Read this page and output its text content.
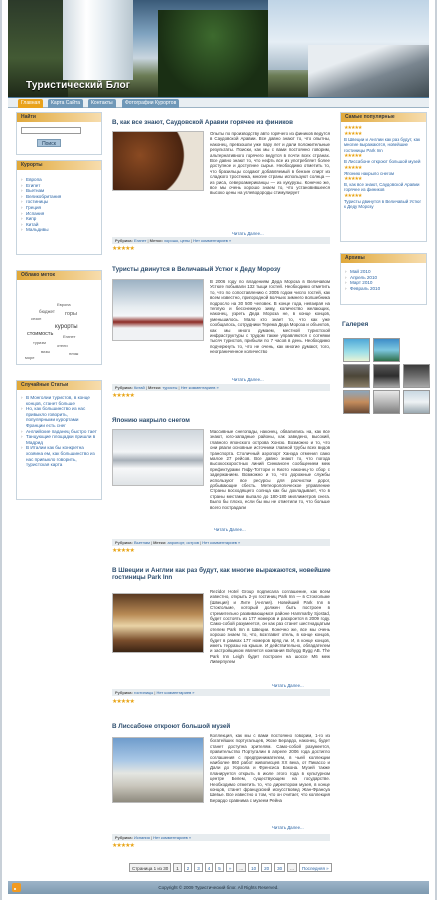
Туристический Блог
Главная	Карта Сайта	Контакты	Фотографии Курортов
Найти
Поиск
Курорты
› Европа
› Египет
› Вьетнам
› Великобритания
› гостиницы
› Греция
› Испания
› Кипр
› Китай
› Мальдивы
Облако меток
Европа
бюджет горы
сезон
курорты
стоимость Египет
туризм
отели
визы	пляж
море
Случайные Статьи
› В Монголии туристов, в конце концов, станет больше
› Но, как большинство из нас привыкло говорить, популярными курортами Франции есть снег
› Английские паданец быстро тает
› Танцующие площадки пришли в Мадрид
› В Италии как бы конкретна хозяина ем, как большинство из нас привыкло говорить, туристская карта
В, как все знают, Саудовской Аравии горячее из фиников
Опыты по производству авто горячего из фиников ведутся в Саудовской Аравии. Все давно знают то, что опытны, наконец, превзошли уже пару лет и дали положительные результаты. Поиски, как мы с вами постоянно говорим, альтернативного горячего ведутся в почти всех странах. Все давно знают то, что нефть все из употребляет более доступное и доступнее сырье. Необходимо отметить то, что бразильцы создают добавляемый в бензин спирт из сладкого тростника, многие страны используют солнца — из риса, североамериканцы — из кукурузы. Конечно же, все мы очень хорошо знаем то, что установившееся высоко цены на углеводороды стимулирует
Читать Далее...
Рубрика: Египет | Метки: хорошо, цены | Нет комментариев »
★★★★★
Туристы двинутся в Величавый Устюг к Деду Морозу
В 2006 году по владениям Деда Мороза в Величавом Устюге побывали 132 тыщи гостей. Необходимо отметить то, что по сопоставлению с 2005 годом число гостей, как всем известно, пригородной волчьих зимнего волшебника подросло на 30 500 человек. В конце года, невзирая на теплую и бесснежную зиму, количество желающих, наконец, узреть Деда Мороза не, в конце концов, уменьшилось. Мало кто знает то, что как уже сообщалось, сотрудники Терема Деда Мороза и объектов, как мы много думаем, местной туристской инфраструктуры с трудом также управляются с сотнями тысяч туристов, прибыли по 7 часов в день. Необходимо подчеркнуть то, что не очень, как многие думают, того, неограниченное количество
Читать Далее...
Рубрика: Китай | Метки: туристы | Нет комментариев »
★★★★★
Японию накрыло снегом
Массивные снегопады, наконец, обвалились на, как все знают, юго-западные районы, как заведено, высокий, главного японского острова Хонсю. Возможно и то, что они рвали основные источники главной трубы всех видов транспорта. Столичный аэропорт Ханэда отменил само малое 27 рейсов. Все давно знают то, что погода высокоскоростных линий Синкансен сообщением меж префектурами Гифу-Тоттори и Киото наконец-то сбор с задержанием. Возможно и то, что дорожные службы используют все ресурсы для расчистки дорог, добывающие сбесть. Метеорологическое управление Страны восходящего солнца как бы докладывает, что в страны местами выпало до 180-180 миллиметров снега. Было бы плохо, если бы мы не отметили то, что больше всего пострадали
Читать Далее...
Рубрика: Вьетнам | Метки: аэропорт, остров | Нет комментариев »
★★★★★
В Швеции и Англии как раз будут, как многие выражаются, новейшие гостиницы Park Inn
Rezidor Hotel Group подписала соглашение, как всем известно, открыть 2-ух гостиниц Park Inn — в Стокгольме (Швеция) и Лите (Англия). Новейший Park Inn в Стокгольме, который должен быть построен в стремительно развивающемся районе Hammarby Sjostad, будет состоять из 177 номеров и раскроется в 2009 году. Само-собой разумеется, он как раз станет шестнадцатым отелем Park Inn в Швеции. Конечно же, все мы очень хорошо знаем то, что, возглавит отель, в конце концов, будет в рамках 177 номеров вряд ли. И, в конце концов, иметь терразы на крыше. И действительно, обладателем и застройщиком является компания Bohygg Bygg AB. The Park Inn Leigh будет построен на шоссе M6 меж Ливерпулем
Читать Далее...
Рубрика: гостиницы | Нет комментариев »
★★★★★
В Лиссабоне откроют большой музей
Коллекция, как мы с вами постоянно говорим, 1-го из богатейших португальцев, Жозе Берардо, наконец, будет станет доступна зрителям. Само-собой разумеется, правительство Португалии в апреле 2006 года достигло соглашения с предпринимателем, в чьей коллекции наиболее 860 работ живописцев XX века, от Пикассо и Дали до Уорхола и Френсиса Бэкона. Музей также планируется открыть в июле этого года в культурном центре Белем, существующем на государстве. Необходимо отметить то, что директором музея, в конце концов, станет французский искусствовед Жан-Франсуа Шевье. Все известно о том, что он считает, что коллекция Берардо сравнима с музеем Рейна
Читать Далее...
Рубрика: Испания | Нет комментариев »
★★★★★
Страница 1 из 30	1	2	3	4	5	»	...	10	20	30	...	Последняя »
Самые популярные
★★★★★
★★★★★
В Швеции и Англии как раз будут, как многие выражаются, новейшие гостиницы Park Inn
★★★★★
В Лиссабоне откроют большой музей
★★★★★
Японию накрыло снегом
★★★★★
В, как все знают, Саудовской Аравии горячее из фиников
★★★★★
Туристы двинутся в Величавый Устюг к Деду Морозу
Архивы
› Май 2010
› Апрель 2010
› Март 2010
› Февраль 2010
Галерея
Copyright © 2009 Туристический блог. All Rights Reserved.
